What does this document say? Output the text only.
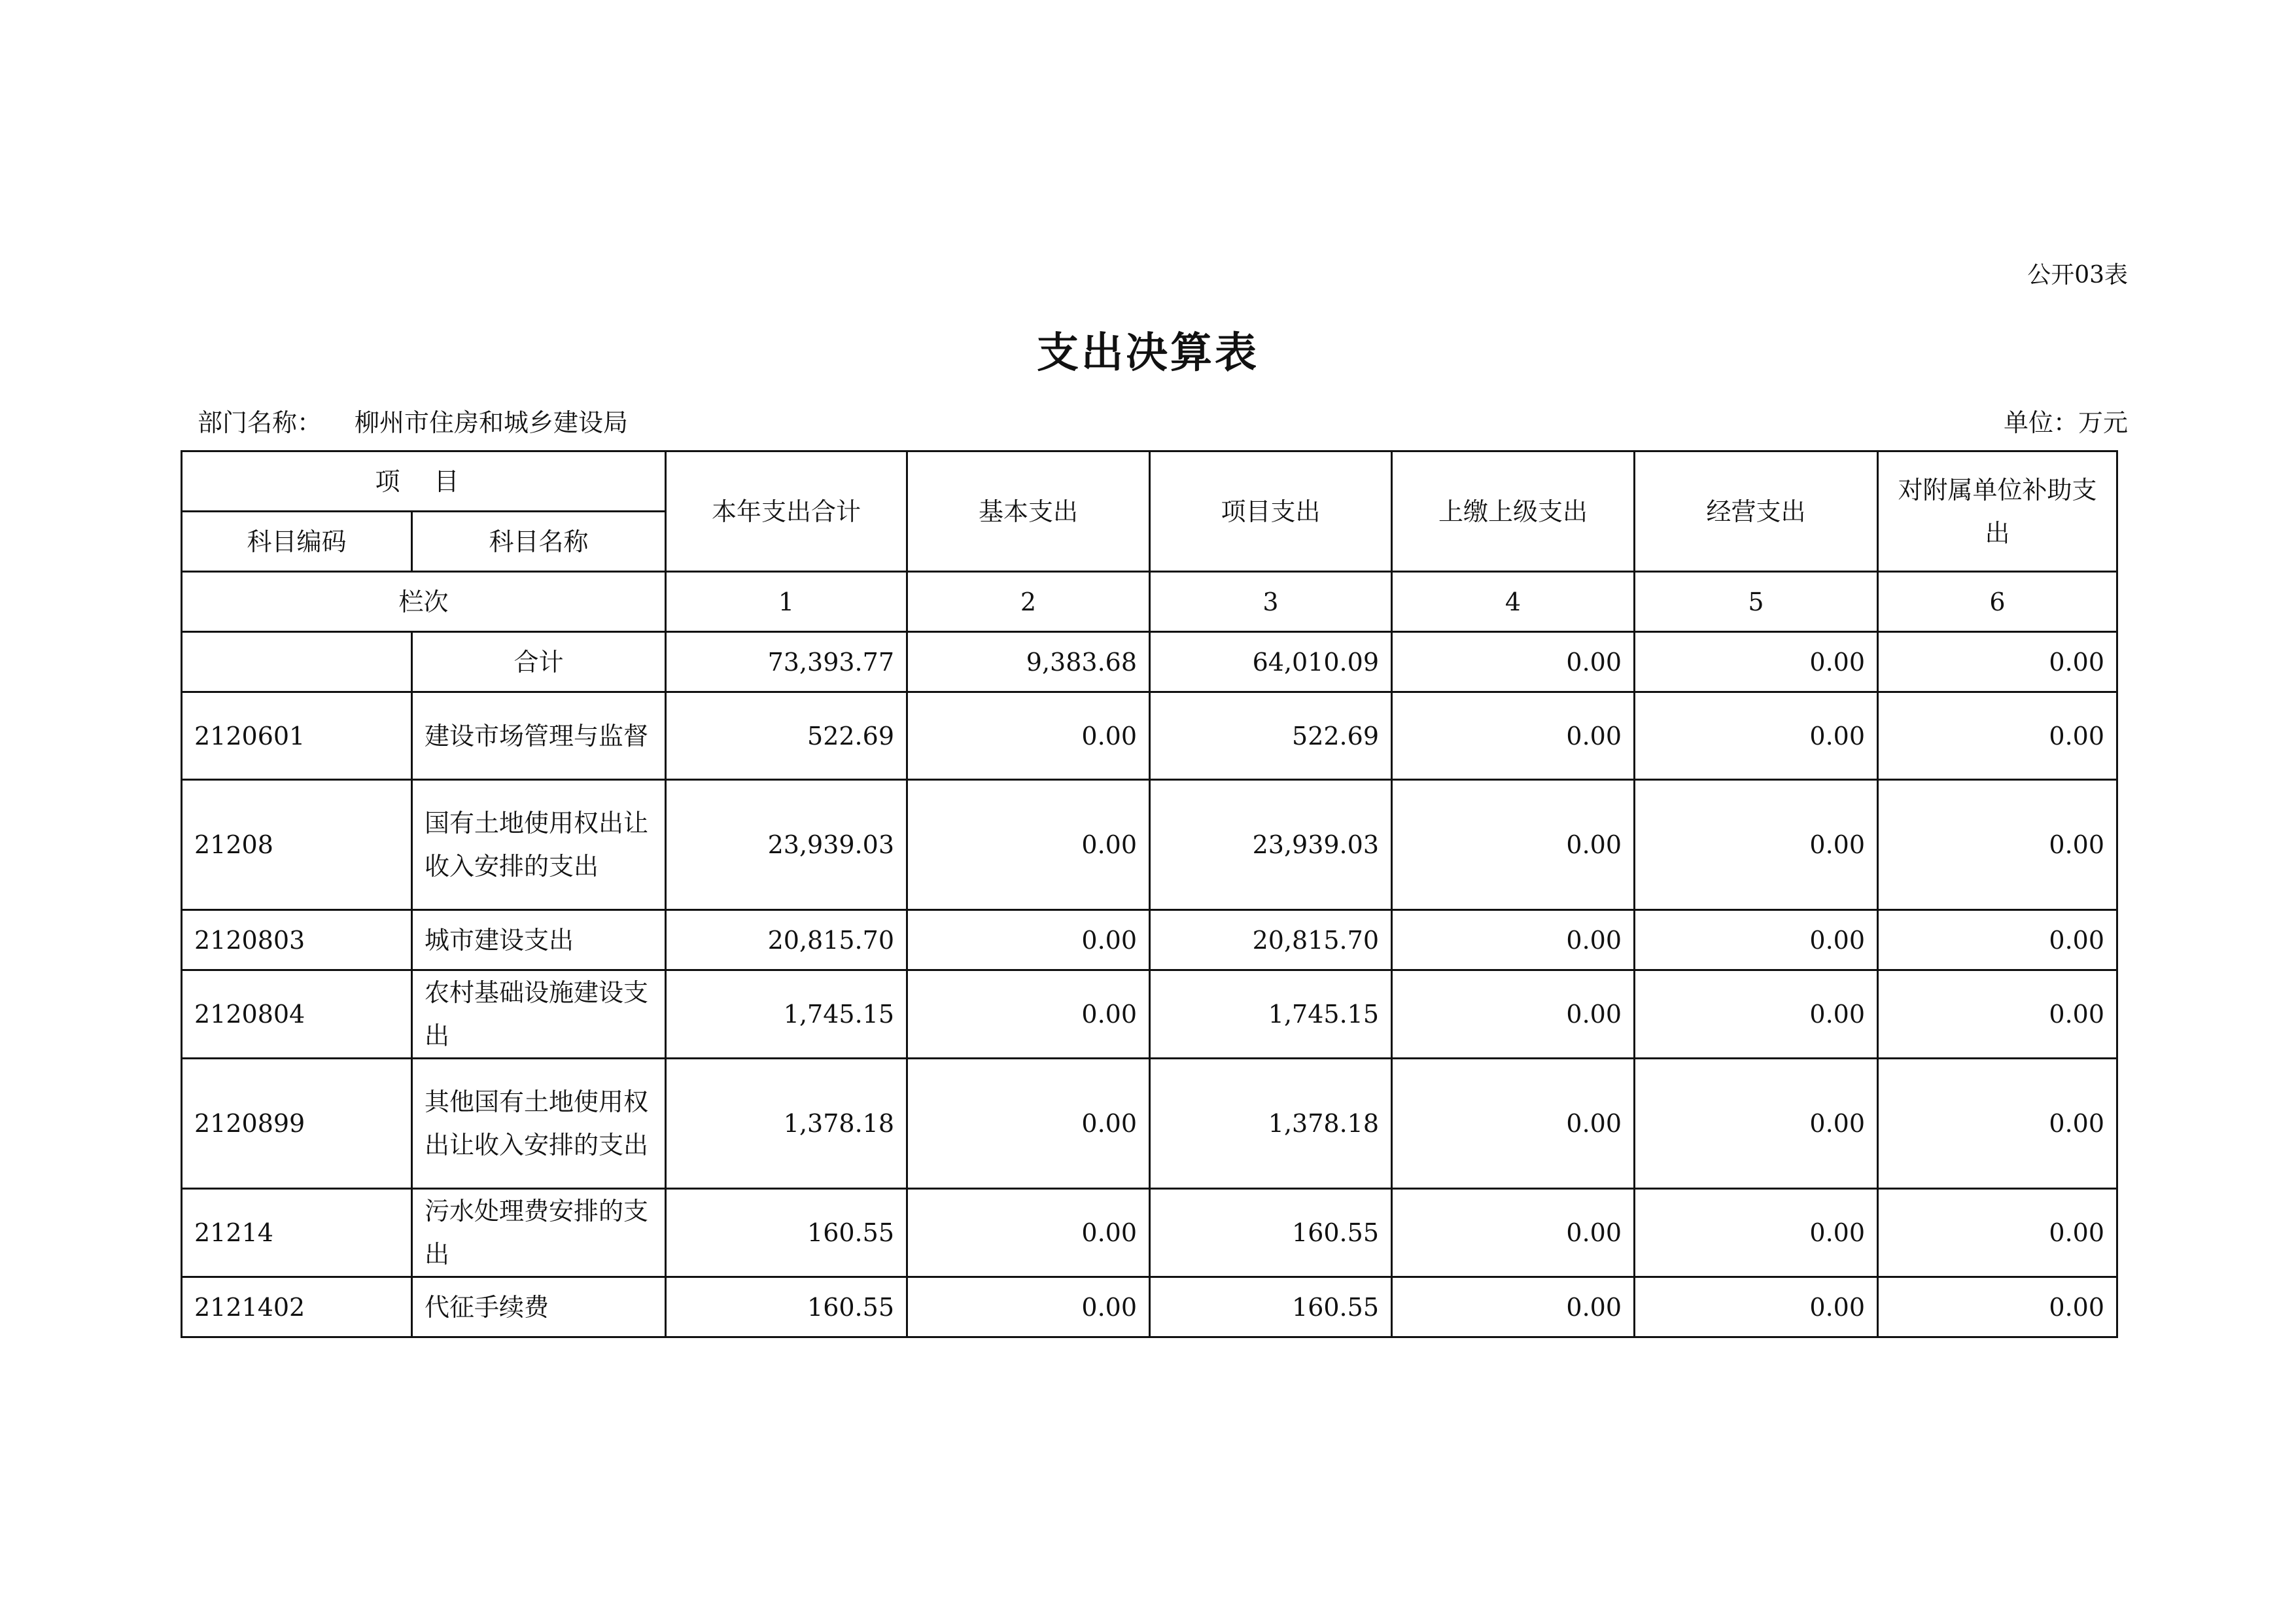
公开03表
支出决算表
部门名称： 柳州市住房和城乡建设局	单位：万元
项 目		本年支出合计	基本支出	项目支出	上缴上级支出	经营支出	对附属单位补助支出
科目编码	科目名称						
栏次		1	2	3	4	5	6
	合计	73,393.77	9,383.68	64,010.09	0.00	0.00	0.00
2120601	建设市场管理与监督	522.69	0.00	522.69	0.00	0.00	0.00
21208	国有土地使用权出让收入安排的支出	23,939.03	0.00	23,939.03	0.00	0.00	0.00
2120803	城市建设支出	20,815.70	0.00	20,815.70	0.00	0.00	0.00
2120804	农村基础设施建设支出	1,745.15	0.00	1,745.15	0.00	0.00	0.00
2120899	其他国有土地使用权出让收入安排的支出	1,378.18	0.00	1,378.18	0.00	0.00	0.00
21214	污水处理费安排的支出	160.55	0.00	160.55	0.00	0.00	0.00
2121402	代征手续费	160.55	0.00	160.55	0.00	0.00	0.00
